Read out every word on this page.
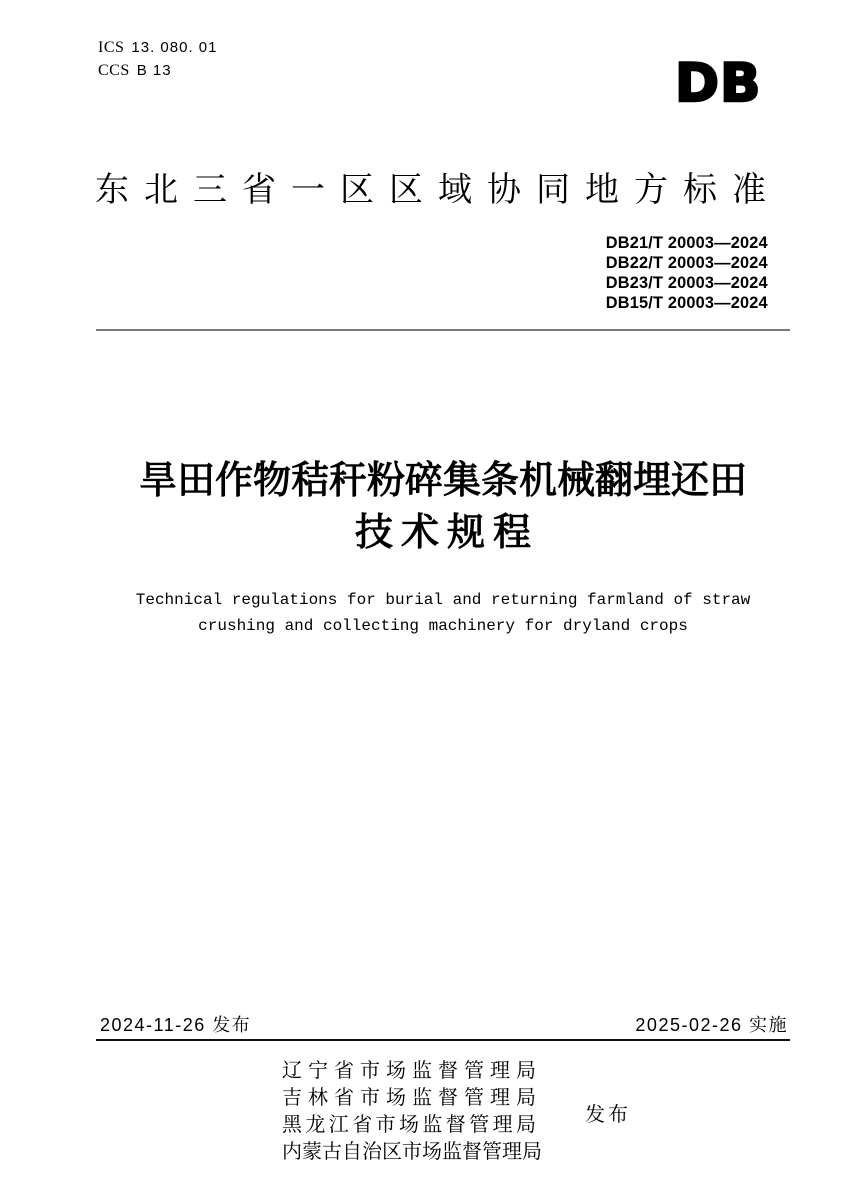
ICS 13. 080. 01
CCS B 13	DB
东北三省一区区域协同地方标准
DB21/T 20003—2024
DB22/T 20003—2024
DB23/T 20003—2024
DB15/T 20003—2024
旱田作物秸秆粉碎集条机械翻埋还田
技术规程
Technical regulations for burial and returning farmland of straw
crushing and collecting machinery for dryland crops
2024-11-26 发布	2025-02-26 实施
辽宁省市场监督管理局
吉林省市场监督管理局
黑龙江省市场监督管理局
内蒙古自治区市场监督管理局
发布
